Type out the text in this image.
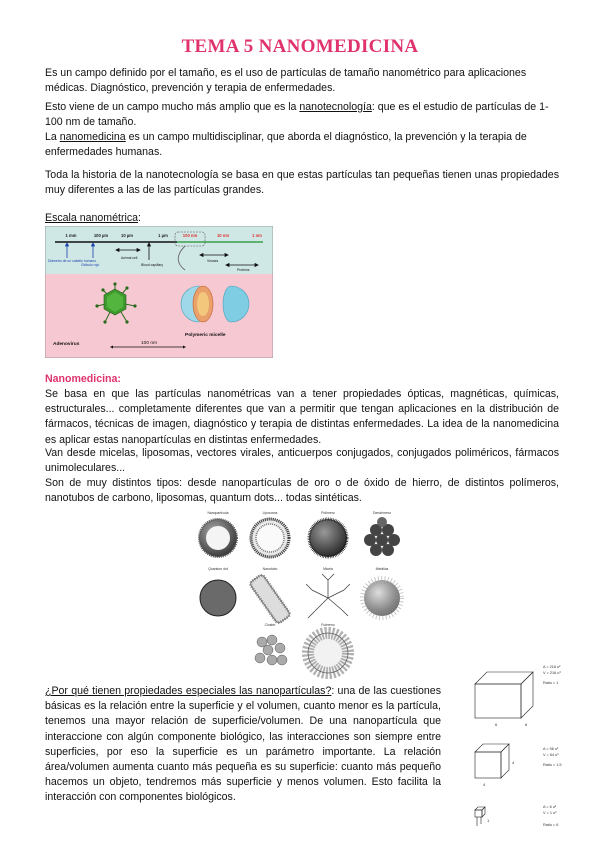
TEMA 5 NANOMEDICINA
Es un campo definido por el tamaño, es el uso de partículas de tamaño nanométrico para aplicaciones médicas. Diagnóstico, prevención y terapia de enfermedades.
Esto viene de un campo mucho más amplio que es la nanotecnología: que es el estudio de partículas de 1-100 nm de tamaño.
La nanomedicina es un campo multidisciplinar, que aborda el diagnóstico, la prevención y la terapia de enfermedades humanas.
Toda la historia de la nanotecnología se basa en que estas partículas tan pequeñas tienen unas propiedades muy diferentes a las de las partículas grandes.
Escala nanométrica:
1 mm	100 µm	10 µm	1 µm	100 nm	10 nm	1 nm
Diámetro de un cabello humano
Glóbulo rojo
Animal cell
Blood capillary
Viruses
Proteins
Adenovirus
Polymeric micelle
100 nm
Nanomedicina:
Se basa en que las partículas nanométricas van a tener propiedades ópticas, magnéticas, químicas, estructurales... completamente diferentes que van a permitir que tengan aplicaciones en la distribución de fármacos, técnicas de imagen, diagnóstico y terapia de distintas enfermedades. La idea de la nanomedicina es aplicar estas nanopartículas en distintas enfermedades.
Van desde micelas, liposomas, vectores virales, anticuerpos conjugados, conjugados poliméricos, fármacos unimoleculares...
Son de muy distintos tipos: desde nanopartículas de oro o de óxido de hierro, de distintos polímeros, nanotubos de carbono, liposomas, quantum dots... todas sintéticas.
Nanopartícula	Liposoma	Polímero	Dendrímero
Quantum dot	Nanotubo	Micela	Metálica
Cluster	Fulereno
¿Por qué tienen propiedades especiales las nanopartículas?: una de las cuestiones básicas es la relación entre la superficie y el volumen, cuanto menor es la partícula, tenemos una mayor relación de superficie/volumen. De una nanopartícula que interaccione con algún componente biológico, las interacciones son siempre entre superficies, por eso la superficie es un parámetro importante. La relación área/volumen aumenta cuanto más pequeña es su superficie: cuanto más pequeño hacemos un objeto, tendremos más superficie y menos volumen. Esto facilita la interacción con componentes biológicos.
6	6
A = 216 u²
V = 216 u³
Ratio = 1
4
4
A = 96 u²
V = 64 u³
Ratio = 1.5
1
A = 6 u²
V = 1 u³
Ratio = 6
